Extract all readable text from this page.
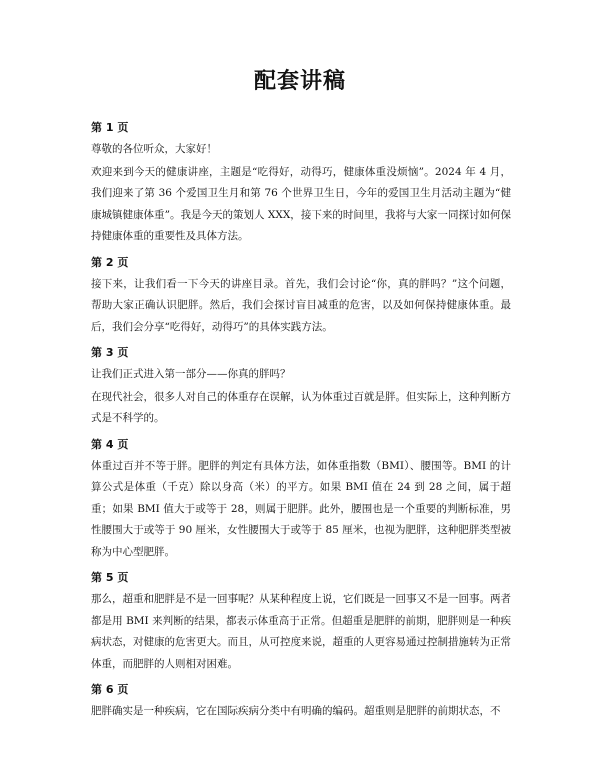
配套讲稿
第 1 页

尊敬的各位听众，大家好！

欢迎来到今天的健康讲座，主题是“吃得好，动得巧，健康体重没烦恼”。2024 年 4 月，我们迎来了第 36 个爱国卫生月和第 76 个世界卫生日，今年的爱国卫生月活动主题为“健康城镇健康体重”。我是今天的策划人 XXX，接下来的时间里，我将与大家一同探讨如何保持健康体重的重要性及具体方法。

第 2 页

接下来，让我们看一下今天的讲座目录。首先，我们会讨论“你，真的胖吗？”这个问题，帮助大家正确认识肥胖。然后，我们会探讨盲目减重的危害，以及如何保持健康体重。最后，我们会分享“吃得好，动得巧”的具体实践方法。

第 3 页

让我们正式进入第一部分——你真的胖吗？

在现代社会，很多人对自己的体重存在误解，认为体重过百就是胖。但实际上，这种判断方式是不科学的。

第 4 页

体重过百并不等于胖。肥胖的判定有具体方法，如体重指数（BMI）、腰围等。BMI 的计算公式是体重（千克）除以身高（米）的平方。如果 BMI 值在 24 到 28 之间，属于超重；如果 BMI 值大于或等于 28，则属于肥胖。此外，腰围也是一个重要的判断标准，男性腰围大于或等于 90 厘米，女性腰围大于或等于 85 厘米，也视为肥胖，这种肥胖类型被称为中心型肥胖。

第 5 页

那么，超重和肥胖是不是一回事呢？从某种程度上说，它们既是一回事又不是一回事。两者都是用 BMI 来判断的结果，都表示体重高于正常。但超重是肥胖的前期，肥胖则是一种疾病状态，对健康的危害更大。而且，从可控度来说，超重的人更容易通过控制措施转为正常体重，而肥胖的人则相对困难。

第 6 页

肥胖确实是一种疾病，它在国际疾病分类中有明确的编码。超重则是肥胖的前期状态，不
